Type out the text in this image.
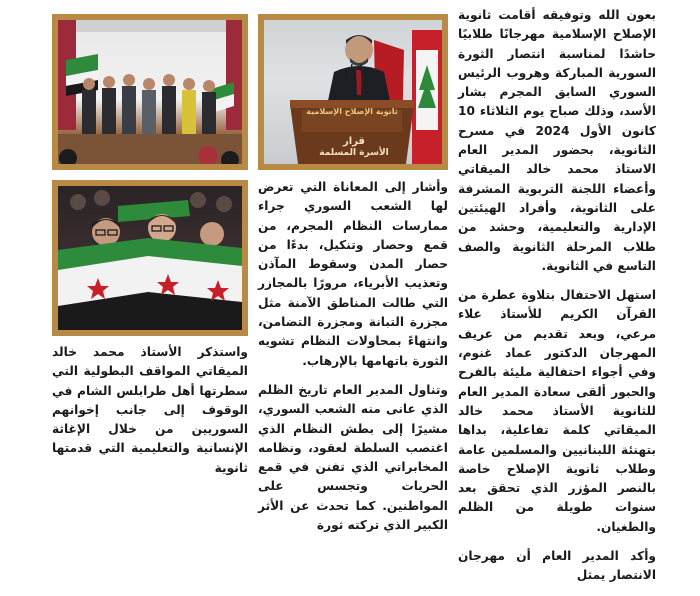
ثانوية الإصلاح الإسلامية
قرار
الأسرة المسلمة

بعون الله وتوفيقه أقامت ثانوية الإصلاح الإسلامية مهرجانًا طلابيًا حاشدًا لمناسبة انتصار الثورة السورية المباركة وهروب الرئيس السوري السابق المجرم بشار الأسد، وذلك صباح يوم الثلاثاء 10 كانون الأول 2024 في مسرح الثانوية، بحضور المدير العام الاستاذ محمد خالد الميقاتي وأعضاء اللجنة التربوية المشرفة على الثانوية، وأفراد الهيئتين الإدارية والتعليمية، وحشد من طلاب المرحلة الثانوية والصف التاسع في الثانوية.

استهل الاحتفال بتلاوة عطرة من القرآن الكريم للأستاذ علاء مرعي، وبعد تقديم من عريف المهرجان الدكتور عماد غنوم، وفي أجواء احتفالية مليئة بالفرح والحبور ألقى سعادة المدير العام للثانوية الأستاذ محمد خالد الميقاتي كلمة تفاعلية، بداها بتهنئة اللبنانيين والمسلمين عامة وطلاب ثانوية الإصلاح خاصة بالنصر المؤزر الذي تحقق بعد سنوات طويلة من الظلم والطغيان.

وأكد المدير العام أن مهرجان الانتصار يمثل

وأشار إلى المعاناة التي تعرض لها الشعب السوري جراء ممارسات النظام المجرم، من قمع وحصار وتنكيل، بدءًا من حصار المدن وسقوط المآذن وتعذيب الأبرياء، مرورًا بالمجازر التي طالت المناطق الآمنة مثل مجزرة التبانة ومجزرة التضامن، وانتهاءً بمحاولات النظام تشويه الثورة باتهامها بالإرهاب.

وتناول المدير العام تاريخ الظلم الذي عانى منه الشعب السوري، مشيرًا إلى بطش النظام الذي اغتصب السلطة لعقود، ونظامه المخابراتي الذي تفنن في قمع الحريات وتجسس على المواطنين. كما تحدث عن الأثر الكبير الذي تركته ثورة

واستذكر الأستاذ محمد خالد الميقاتي المواقف البطولية التي سطرتها أهل طرابلس الشام في الوقوف إلى جانب إخوانهم السوريين من خلال الإغاثة الإنسانية والتعليمية التي قدمتها ثانوية
